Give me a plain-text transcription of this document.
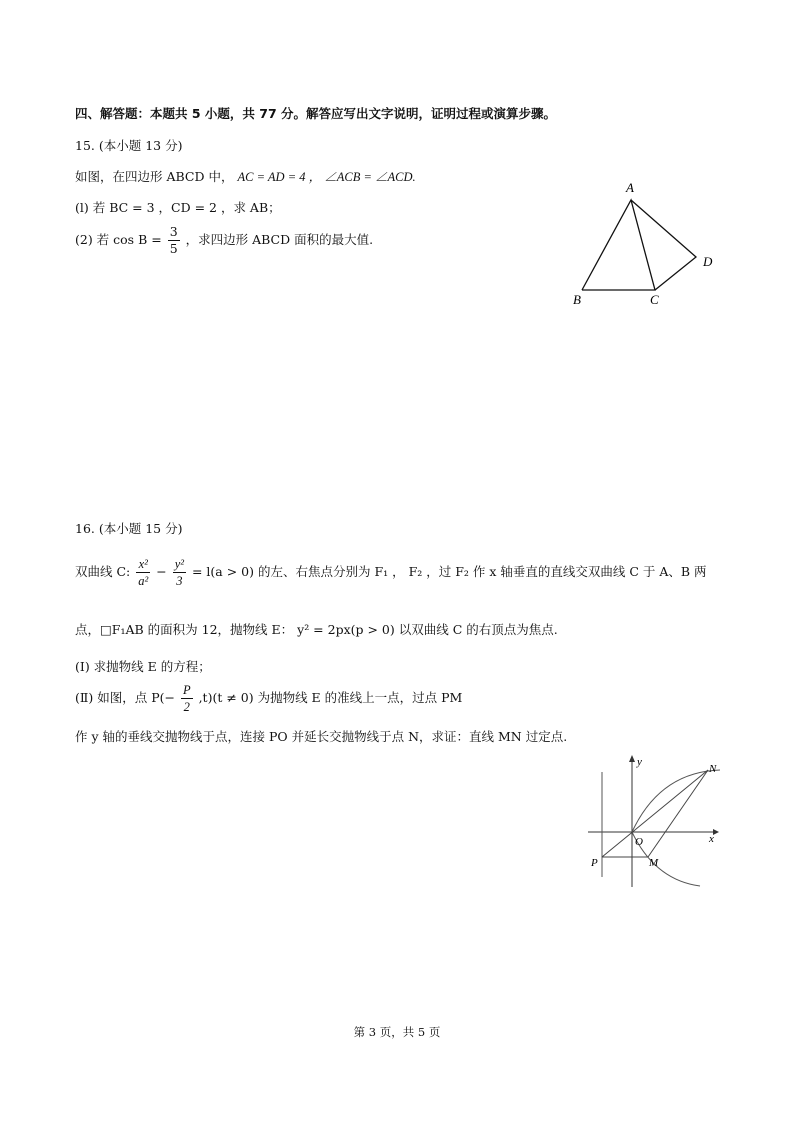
四、解答题：本题共 5 小题，共 77 分。解答应写出文字说明，证明过程或演算步骤。
15. (本小题 13 分)
如图，在四边形 ABCD 中， AC = AD = 4 ， ∠ACB = ∠ACD.
(l) 若 BC = 3 ，CD = 2 ，求 AB；
(2) 若 $\cos B = \frac{3}{5}$ ，求四边形 ABCD 面积的最大值.
A
B	C
D
16. (本小题 15 分)
双曲线 C: $\frac{\text{x²}}{\text{a²}} - \frac{\text{y²}}{3} = l(a > 0)$ 的左、右焦点分别为 F₁ ， F₂ ，过 F₂ 作 x 轴垂直的直线交双曲线 C 于 A、B 两
点，□F₁AB 的面积为 12，抛物线 E： y² = 2px(p > 0) 以双曲线 C 的右顶点为焦点.
(Ⅰ) 求抛物线 E 的方程；
(Ⅱ) 如图，点 $P(- \frac{P}{2} ,t)(t \ne 0)$ 为抛物线 E 的准线上一点，过点 PM
作 y 轴的垂线交抛物线于点，连接 PO 并延长交抛物线于点 N，求证：直线 MN 过定点.
y
x
O
N
M
P
第 3 页，共 5 页
